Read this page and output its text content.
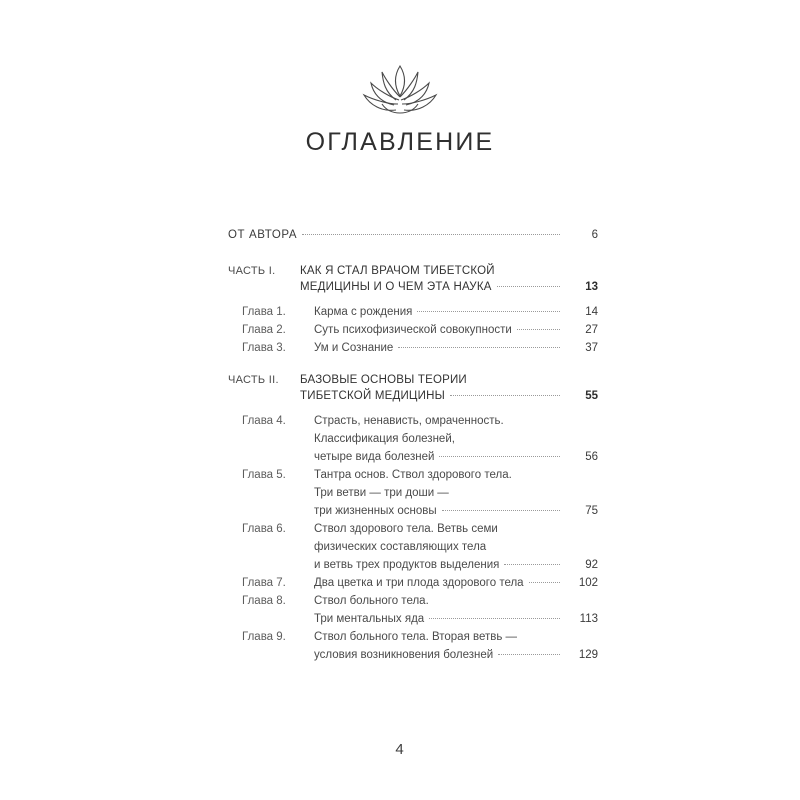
ОГЛАВЛЕНИЕ
ОТ АВТОРА	6
ЧАСТЬ I.	КАК Я СТАЛ ВРАЧОМ ТИБЕТСКОЙ
МЕДИЦИНЫ И О ЧЕМ ЭТА НАУКА	13
Глава 1.	Карма с рождения	14
Глава 2.	Суть психофизической совокупности	27
Глава 3.	Ум и Сознание	37
ЧАСТЬ II.	БАЗОВЫЕ ОСНОВЫ ТЕОРИИ
ТИБЕТСКОЙ МЕДИЦИНЫ	55
Глава 4.	Страсть, ненависть, омраченность.
Классификация болезней,
четыре вида болезней	56
Глава 5.	Тантра основ. Ствол здорового тела.
Три ветви — три доши —
три жизненных основы	75
Глава 6.	Ствол здорового тела. Ветвь семи
физических составляющих тела
и ветвь трех продуктов выделения	92
Глава 7.	Два цветка и три плода здорового тела	102
Глава 8.	Ствол больного тела.
Три ментальных яда	113
Глава 9.	Ствол больного тела. Вторая ветвь —
условия возникновения болезней	129
4
